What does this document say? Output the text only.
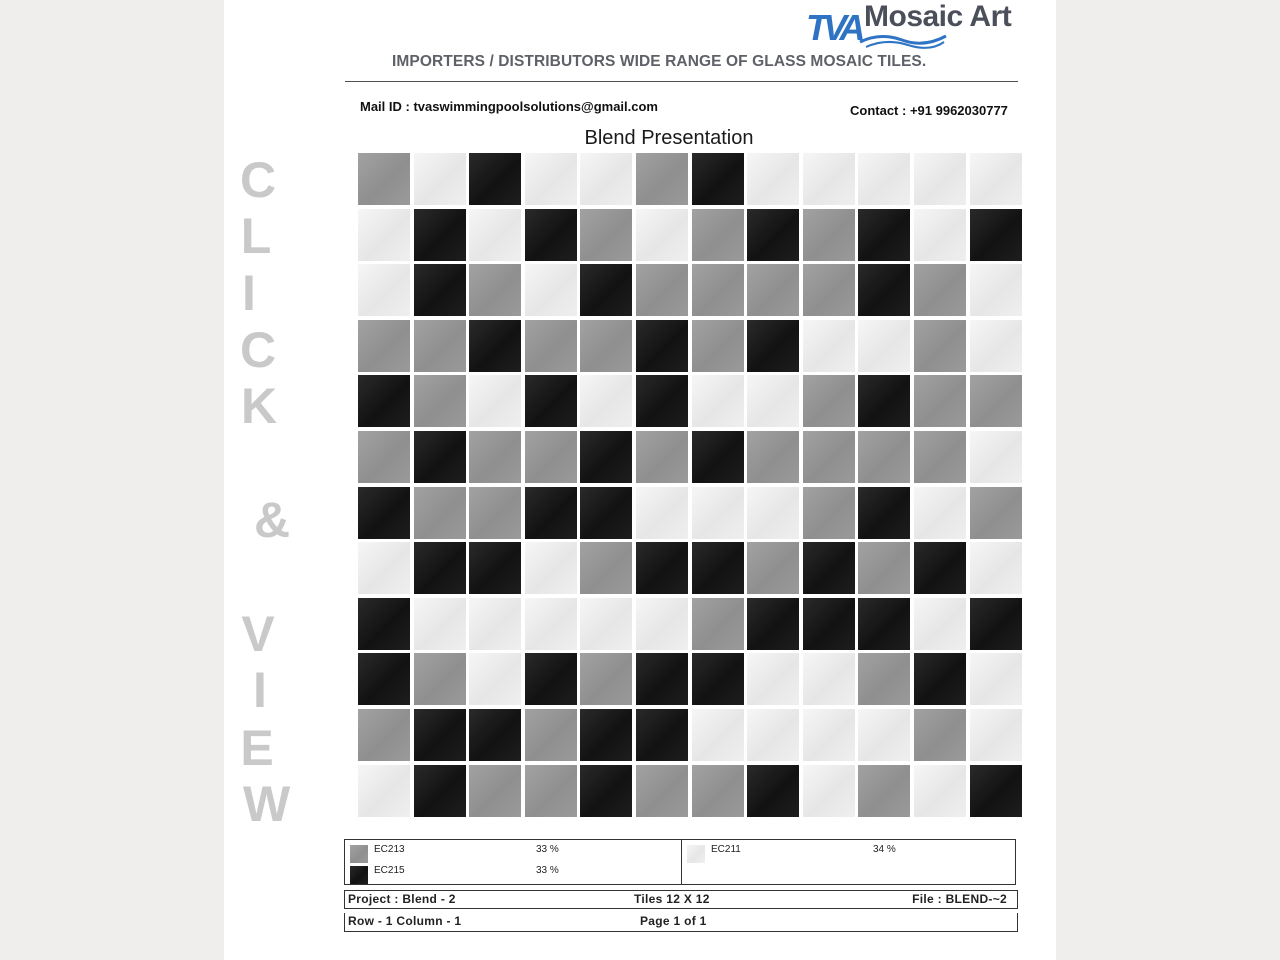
C
L
I
C
K
&
V
I
E
W
TVA Mosaic Art
IMPORTERS / DISTRIBUTORS WIDE RANGE OF GLASS MOSAIC TILES.
Mail ID : tvaswimmingpoolsolutions@gmail.com	Contact : +91 9962030777
Blend Presentation
EC213	33 %
EC215	33 %
EC211	34 %
Project : Blend - 2	Tiles 12 X 12	File : BLEND-~2
Row - 1 Column - 1	Page 1 of 1
